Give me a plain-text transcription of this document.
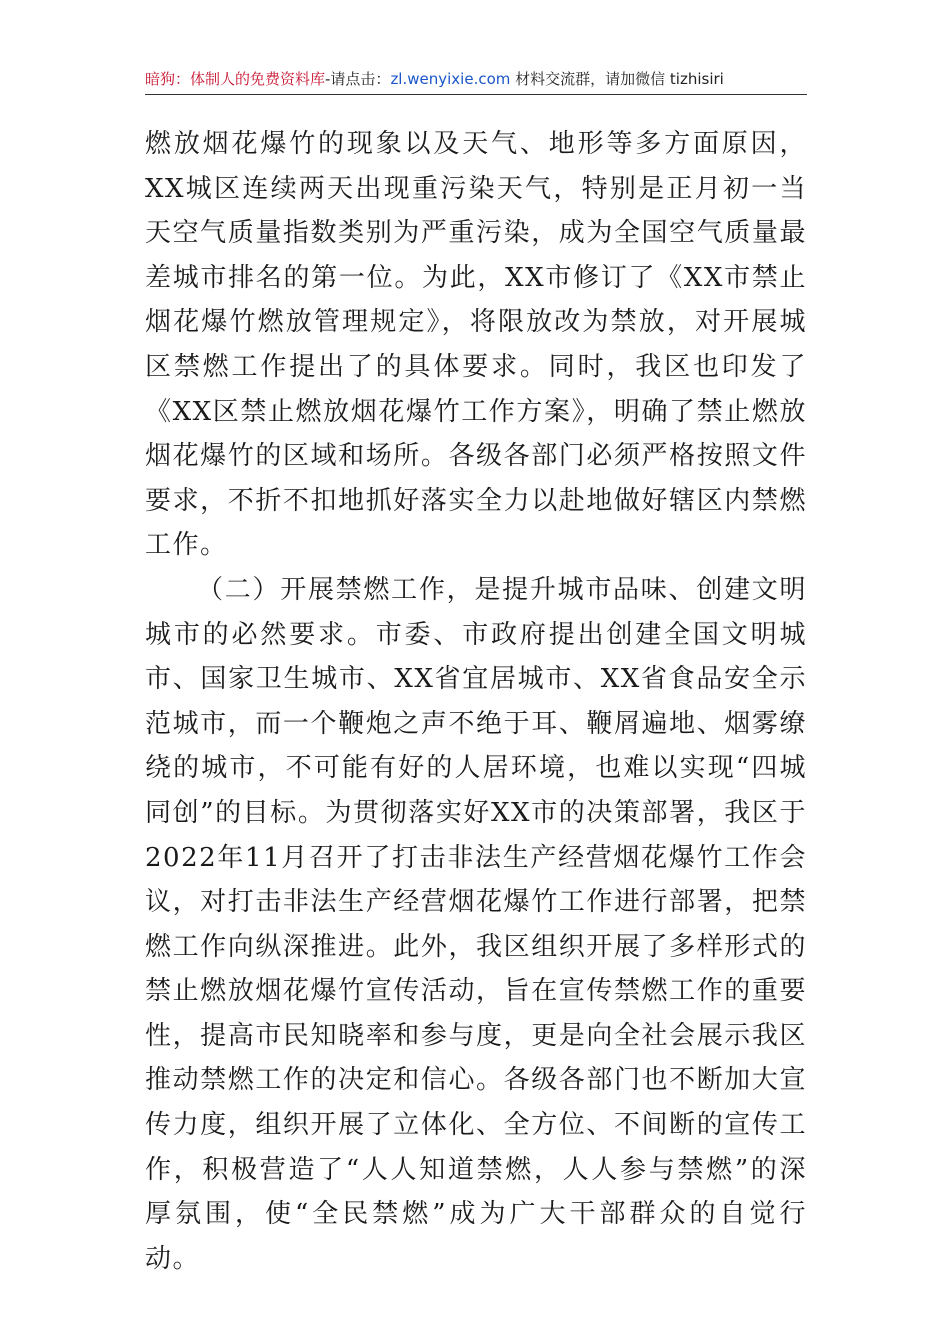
暗狗：体制人的免费资料库-请点击：zl.wenyixie.com 材料交流群，请加微信 tizhisiri

燃放烟花爆竹的现象以及天气、地形等多方面原因，XX城区连续两天出现重污染天气，特别是正月初一当天空气质量指数类别为严重污染，成为全国空气质量最差城市排名的第一位。为此，XX市修订了《XX市禁止烟花爆竹燃放管理规定》，将限放改为禁放，对开展城区禁燃工作提出了的具体要求。同时，我区也印发了《XX区禁止燃放烟花爆竹工作方案》，明确了禁止燃放烟花爆竹的区域和场所。各级各部门必须严格按照文件要求，不折不扣地抓好落实全力以赴地做好辖区内禁燃工作。

（二）开展禁燃工作，是提升城市品味、创建文明城市的必然要求。市委、市政府提出创建全国文明城市、国家卫生城市、XX省宜居城市、XX省食品安全示范城市，而一个鞭炮之声不绝于耳、鞭屑遍地、烟雾缭绕的城市，不可能有好的人居环境，也难以实现“四城同创”的目标。为贯彻落实好XX市的决策部署，我区于2022年11月召开了打击非法生产经营烟花爆竹工作会议，对打击非法生产经营烟花爆竹工作进行部署，把禁燃工作向纵深推进。此外，我区组织开展了多样形式的禁止燃放烟花爆竹宣传活动，旨在宣传禁燃工作的重要性，提高市民知晓率和参与度，更是向全社会展示我区推动禁燃工作的决定和信心。各级各部门也不断加大宣传力度，组织开展了立体化、全方位、不间断的宣传工作，积极营造了“人人知道禁燃，人人参与禁燃”的深厚氛围，使“全民禁燃”成为广大干部群众的自觉行动。
